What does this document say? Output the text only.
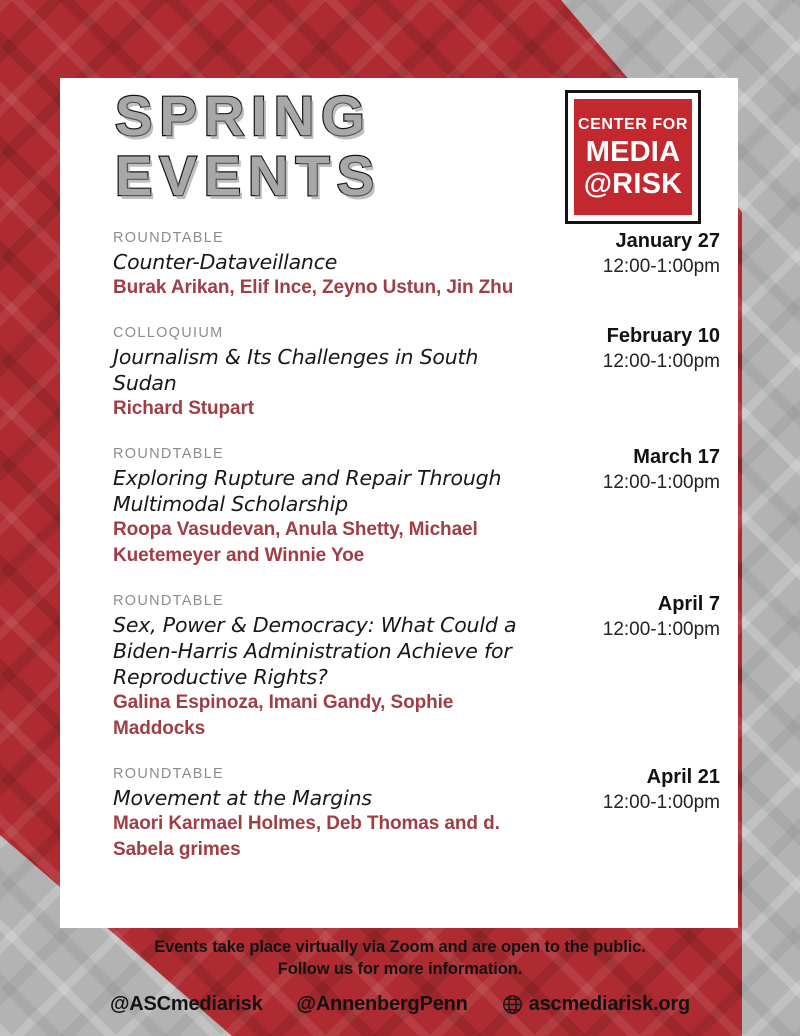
SPRING
EVENTS
CENTER FOR
MEDIA
@RISK
ROUNDTABLE
Counter-Dataveillance
Burak Arikan, Elif Ince, Zeyno Ustun, Jin Zhu
January 27
12:00-1:00pm
COLLOQUIUM
Journalism & Its Challenges in South Sudan
Richard Stupart
February 10
12:00-1:00pm
ROUNDTABLE
Exploring Rupture and Repair Through Multimodal Scholarship
Roopa Vasudevan, Anula Shetty, Michael Kuetemeyer and Winnie Yoe
March 17
12:00-1:00pm
ROUNDTABLE
Sex, Power & Democracy: What Could a Biden-Harris Administration Achieve for Reproductive Rights?
Galina Espinoza, Imani Gandy, Sophie Maddocks
April 7
12:00-1:00pm
ROUNDTABLE
Movement at the Margins
Maori Karmael Holmes, Deb Thomas and d. Sabela grimes
April 21
12:00-1:00pm
Events take place virtually via Zoom and are open to the public.
Follow us for more information.
@ASCmediarisk @AnnenbergPenn	ascmediarisk.org
